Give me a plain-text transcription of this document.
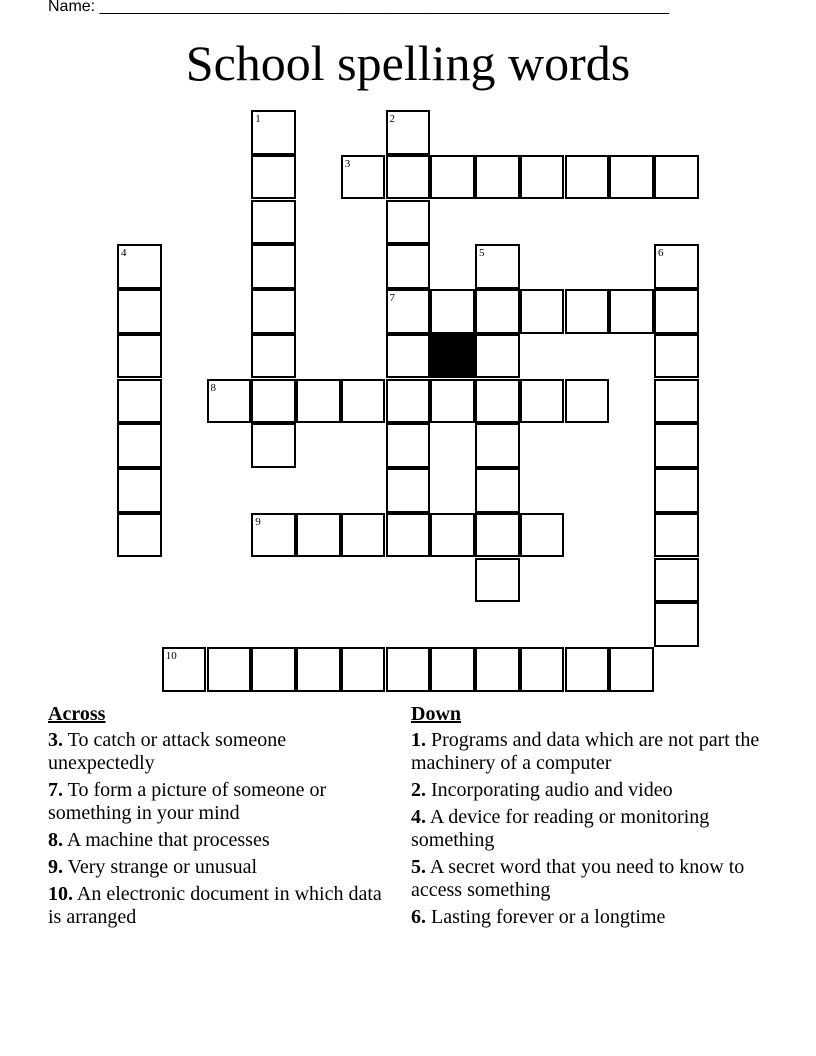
Name: ________________________________________________________________
School spelling words
1	2
7
3
4	5	6
8
9
10
Across
3. To catch or attack someone unexpectedly
7. To form a picture of someone or something in your mind
8. A machine that processes
9. Very strange or unusual
10. An electronic document in which data is arranged
Down
1. Programs and data which are not part the machinery of a computer
2. Incorporating audio and video
4. A device for reading or monitoring something
5. A secret word that you need to know to access something
6. Lasting forever or a longtime
